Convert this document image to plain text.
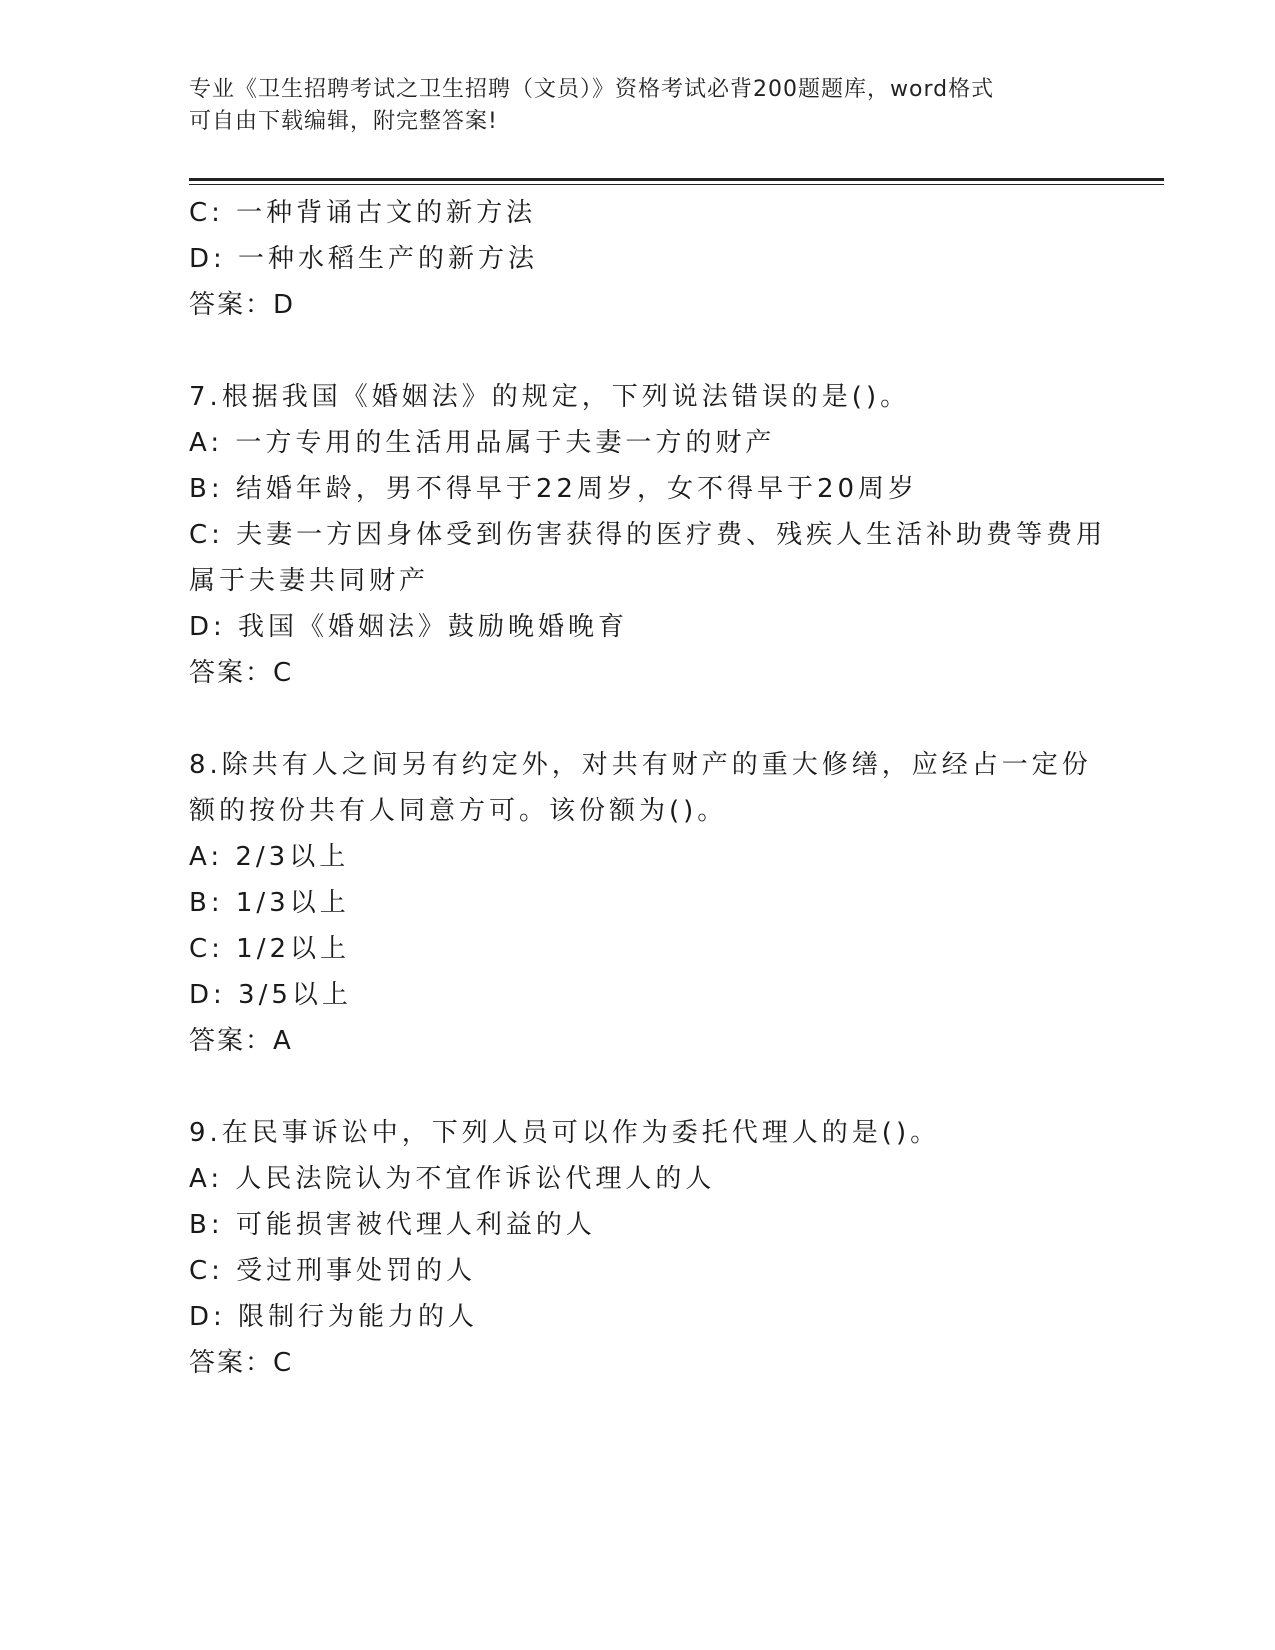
专业《卫生招聘考试之卫生招聘（文员）》资格考试必背200题题库，word格式
可自由下载编辑，附完整答案!
C: 一种背诵古文的新方法
D: 一种水稻生产的新方法
答案：D
7.根据我国《婚姻法》的规定，下列说法错误的是()。
A: 一方专用的生活用品属于夫妻一方的财产
B: 结婚年龄，男不得早于22周岁，女不得早于20周岁
C: 夫妻一方因身体受到伤害获得的医疗费、残疾人生活补助费等费用
属于夫妻共同财产
D: 我国《婚姻法》鼓励晚婚晚育
答案：C
8.除共有人之间另有约定外，对共有财产的重大修缮，应经占一定份
额的按份共有人同意方可。该份额为()。
A: 2/3以上
B: 1/3以上
C: 1/2以上
D: 3/5以上
答案：A
9.在民事诉讼中，下列人员可以作为委托代理人的是()。
A: 人民法院认为不宜作诉讼代理人的人
B: 可能损害被代理人利益的人
C: 受过刑事处罚的人
D: 限制行为能力的人
答案：C
